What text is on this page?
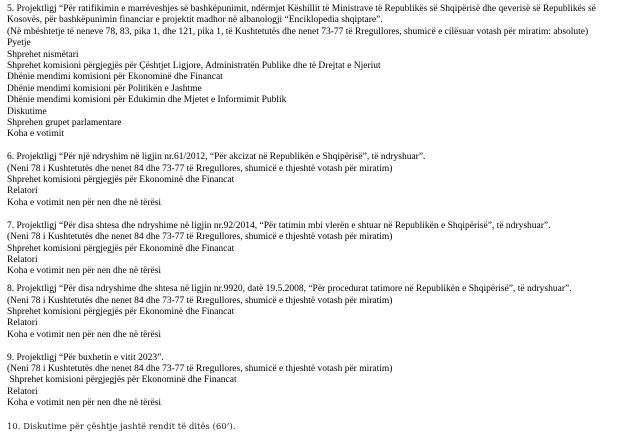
5. Projektligj “Për ratifikimin e marrëveshjes së bashkëpunimit, ndërmjet Këshillit të Ministrave të Republikës së Shqipërisë dhe qeverisë së Republikës së
Kosovës, për bashkëpunimin financiar e projektit madhor në albanologji “Enciklopedia shqiptare”.
(Në mbështetje të neneve 78, 83, pika 1, dhe 121, pika 1, të Kushtetutës dhe nenet 73-77 të Rregullores, shumicë e cilësuar votash për miratim: absolute)
Pyetje
Shprehet nismëtari
Shprehet komisioni përgjegjës për Çështjet Ligjore, Administratën Publike dhe të Drejtat e Njeriut
Dhënie mendimi komisioni për Ekonominë dhe Financat
Dhënie mendimi komisioni për Politikën e Jashtme
Dhënie mendimi komisioni për Edukimin dhe Mjetet e Informimit Publik
Diskutime
Shprehen grupet parlamentare
Koha e votimit
6. Projektligj “Për një ndryshim në ligjin nr.61/2012, “Për akcizat në Republikën e Shqipërisë”, të ndryshuar”.
(Neni 78 i Kushtetutës dhe nenet 84 dhe 73-77 të Rregullores, shumicë e thjeshtë votash për miratim)
Shprehet komisioni përgjegjës për Ekonominë dhe Financat
Relatori
Koha e votimit nen për nen dhe në tërësi
7. Projektligj “Për disa shtesa dhe ndryshime në ligjin nr.92/2014, “Për tatimin mbi vlerën e shtuar në Republikën e Shqipërisë”, të ndryshuar”.
(Neni 78 i Kushtetutës dhe nenet 84 dhe 73-77 të Rregullores, shumicë e thjeshtë votash për miratim)
Shprehet komisioni përgjegjës për Ekonominë dhe Financat
Relatori
Koha e votimit nen për nen dhe në tërësi
8. Projektligj “Për disa ndryshime dhe shtesa në ligjin nr.9920, datë 19.5.2008, “Për procedurat tatimore në Republikën e Shqipërisë”, të ndryshuar”.
(Neni 78 i Kushtetutës dhe nenet 84 dhe 73-77 të Rregullores, shumicë e thjeshtë votash për miratim)
Shprehet komisioni përgjegjës për Ekonominë dhe Financat
Relatori
Koha e votimit nen për nen dhe në tërësi
9. Projektligj “Për buxhetin e vitit 2023”.
(Neni 78 i Kushtetutës dhe nenet 84 dhe 73-77 të Rregullores, shumicë e thjeshtë votash për miratim)
Shprehet komisioni përgjegjës për Ekonominë dhe Financat
Relatori
Koha e votimit nen për nen dhe në tërësi
10. Diskutime për çështje jashtë rendit të ditës (60’).
